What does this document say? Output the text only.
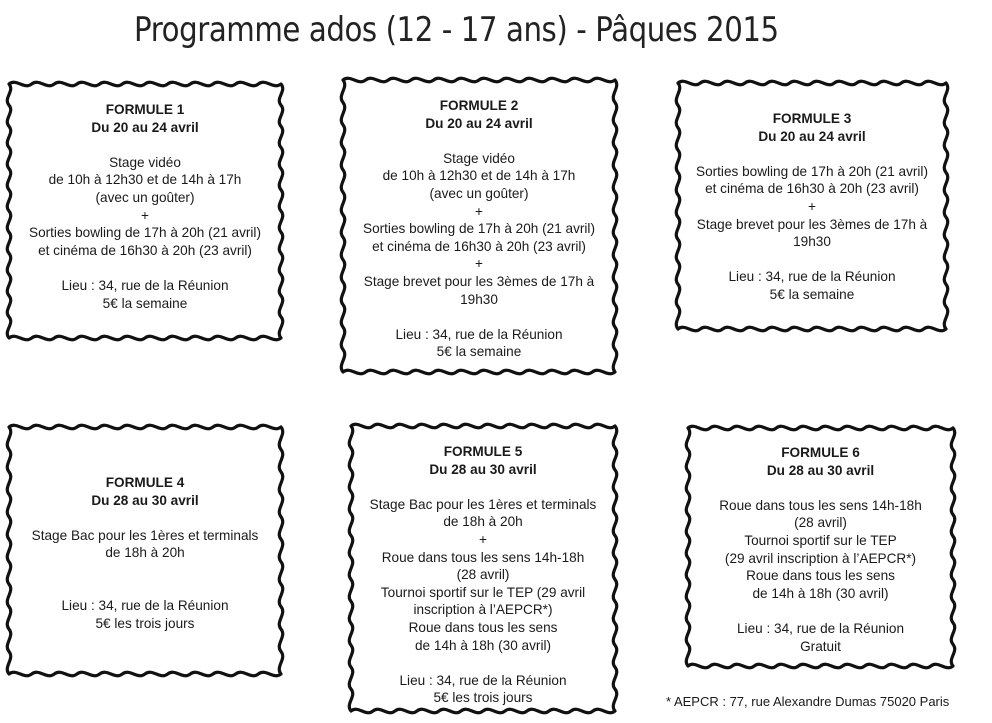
Programme ados (12 - 17 ans) - Pâques 2015
FORMULE 1
Du 20 au 24 avril
Stage vidéo
de 10h à 12h30 et de 14h à 17h
(avec un goûter)
+
Sorties bowling de 17h à 20h (21 avril)
et cinéma de 16h30 à 20h (23 avril)
Lieu : 34, rue de la Réunion
5€ la semaine
FORMULE 2
Du 20 au 24 avril
Stage vidéo
de 10h à 12h30 et de 14h à 17h
(avec un goûter)
+
Sorties bowling de 17h à 20h (21 avril)
et cinéma de 16h30 à 20h (23 avril)
+
Stage brevet pour les 3èmes de 17h à
19h30
Lieu : 34, rue de la Réunion
5€ la semaine
FORMULE 3
Du 20 au 24 avril
Sorties bowling de 17h à 20h (21 avril)
et cinéma de 16h30 à 20h (23 avril)
+
Stage brevet pour les 3èmes de 17h à
19h30
Lieu : 34, rue de la Réunion
5€ la semaine
FORMULE 4
Du 28 au 30 avril
Stage Bac pour les 1ères et terminals
de 18h à 20h
Lieu : 34, rue de la Réunion
5€ les trois jours
FORMULE 5
Du 28 au 30 avril
Stage Bac pour les 1ères et terminals
de 18h à 20h
+
Roue dans tous les sens 14h-18h
(28 avril)
Tournoi sportif sur le TEP (29 avril
inscription à l’AEPCR*)
Roue dans tous les sens
de 14h à 18h (30 avril)
Lieu : 34, rue de la Réunion
5€ les trois jours
FORMULE 6
Du 28 au 30 avril
Roue dans tous les sens 14h-18h
(28 avril)
Tournoi sportif sur le TEP
(29 avril inscription à l’AEPCR*)
Roue dans tous les sens
de 14h à 18h (30 avril)
Lieu : 34, rue de la Réunion
Gratuit
* AEPCR : 77, rue Alexandre Dumas 75020 Paris
